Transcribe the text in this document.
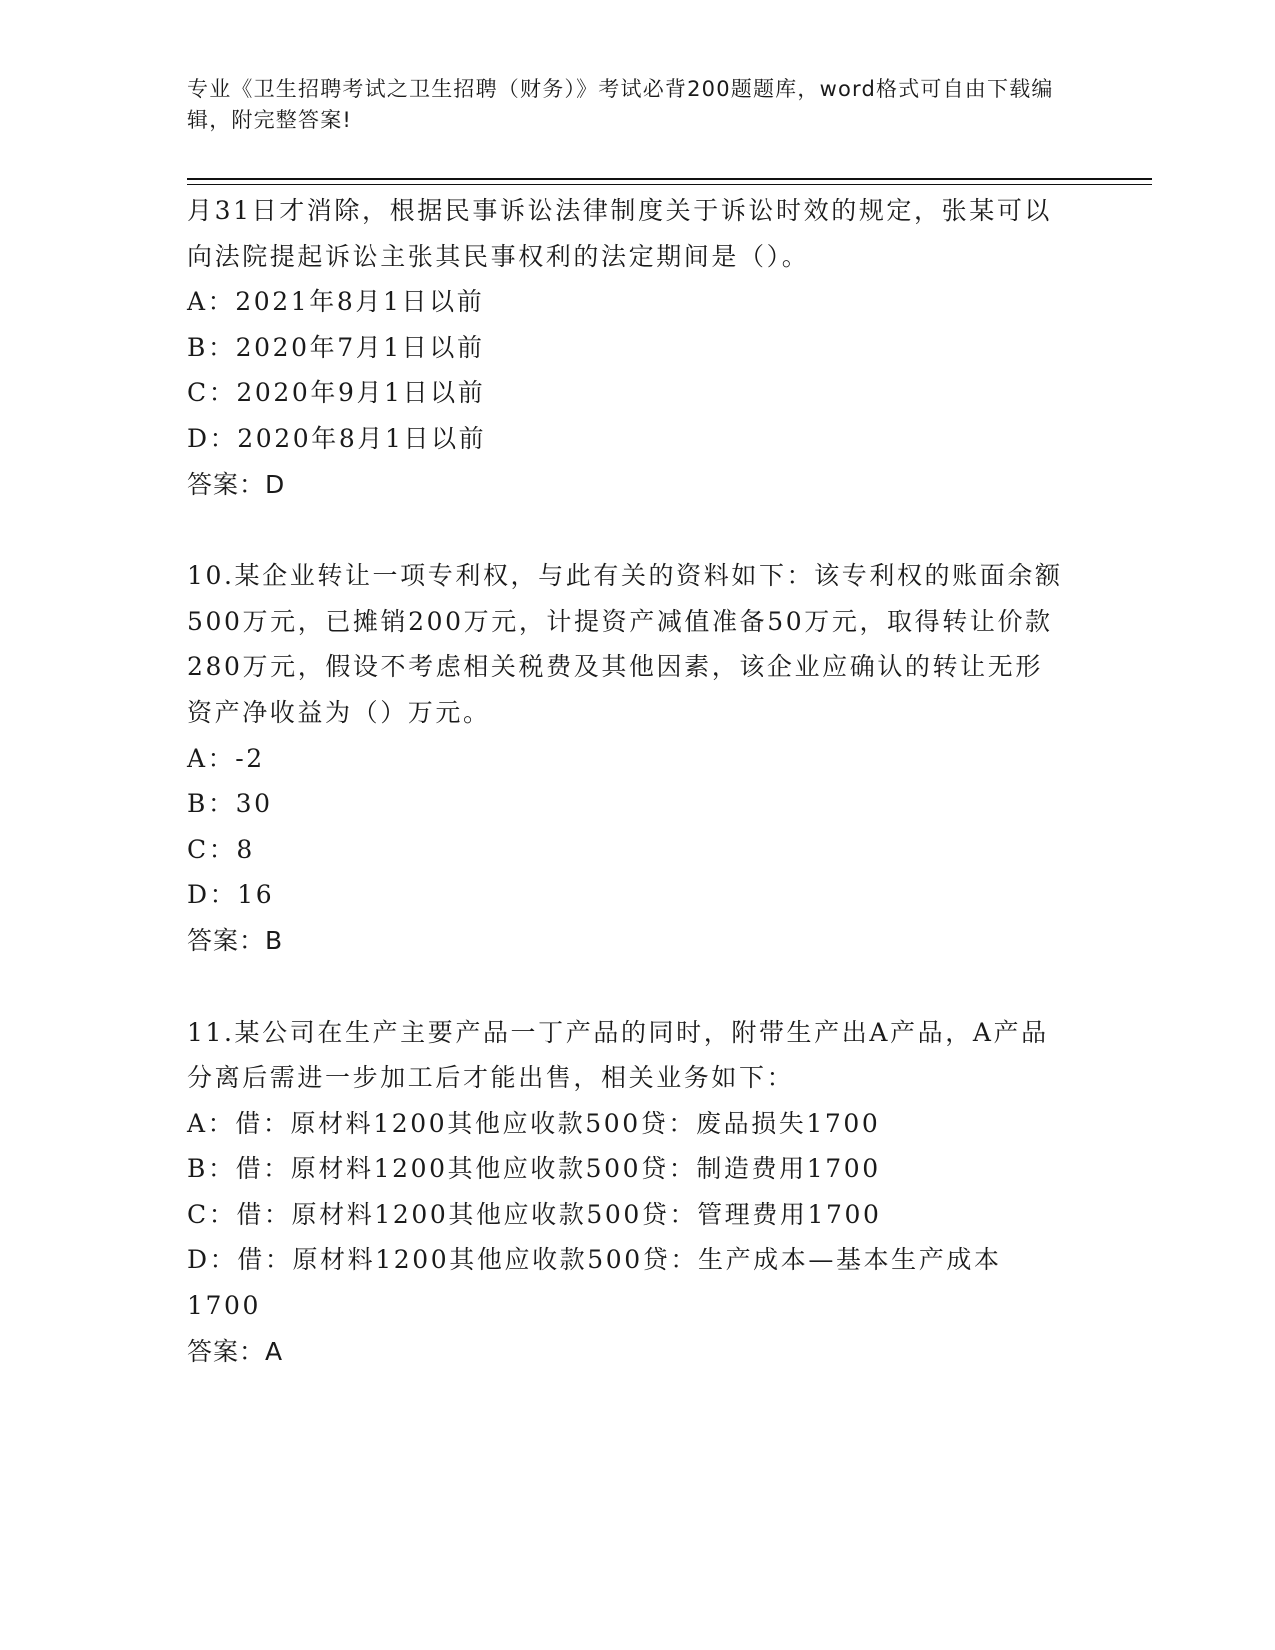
专业《卫生招聘考试之卫生招聘（财务）》考试必背200题题库，word格式可自由下载编辑，附完整答案!

月31日才消除，根据民事诉讼法律制度关于诉讼时效的规定，张某可以向法院提起诉讼主张其民事权利的法定期间是（）。

A：2021年8月1日以前

B：2020年7月1日以前

C：2020年9月1日以前

D：2020年8月1日以前

答案：D

10.某企业转让一项专利权，与此有关的资料如下：该专利权的账面余额500万元，已摊销200万元，计提资产减值准备50万元，取得转让价款280万元，假设不考虑相关税费及其他因素，该企业应确认的转让无形资产净收益为（）万元。

A：-2

B：30

C：8

D：16

答案：B

11.某公司在生产主要产品一丁产品的同时，附带生产出A产品，A产品分离后需进一步加工后才能出售，相关业务如下：

A：借：原材料1200其他应收款500贷：废品损失1700

B：借：原材料1200其他应收款500贷：制造费用1700

C：借：原材料1200其他应收款500贷：管理费用1700

D：借：原材料1200其他应收款500贷：生产成本—基本生产成本1700

答案：A
